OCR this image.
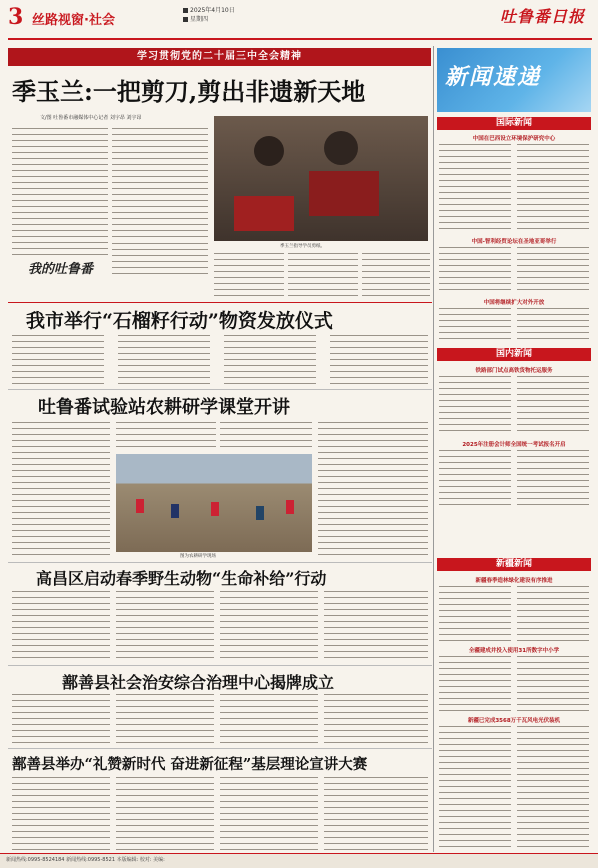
3 丝路视窗·社会
2025年4月10日
星期四	吐鲁番日报
学习贯彻党的二十届三中全会精神
季玉兰:一把剪刀,剪出非遗新天地
文/图 吐鲁番市融媒体中心记者 刘宇昂 刘宇昂
季玉兰指导学员剪纸。
我的吐鲁番
我市举行“石榴籽行动”物资发放仪式
吐鲁番试验站农耕研学课堂开讲
图为农耕研学现场
高昌区启动春季野生动物“生命补给”行动
鄯善县社会治安综合治理中心揭牌成立
鄯善县举办“礼赞新时代 奋进新征程”基层理论宣讲大赛
新闻速递
国际新闻
中国在巴西设立环境保护研究中心
中国-智利经贸论坛在圣地亚哥举行
中国将继续扩大对外开放
国内新闻
铁路部门试点高铁货物托运服务
2025年注册会计师全国统一考试报名开启
新疆新闻
新疆春季造林绿化建设有序推进
全疆建成并投入使用31所数字中小学
新疆已完成3568万千瓦风电光伏装机
新闻热线:0995-8524184 新闻热线:0995-8521 本版编辑: 校对: 美编:
